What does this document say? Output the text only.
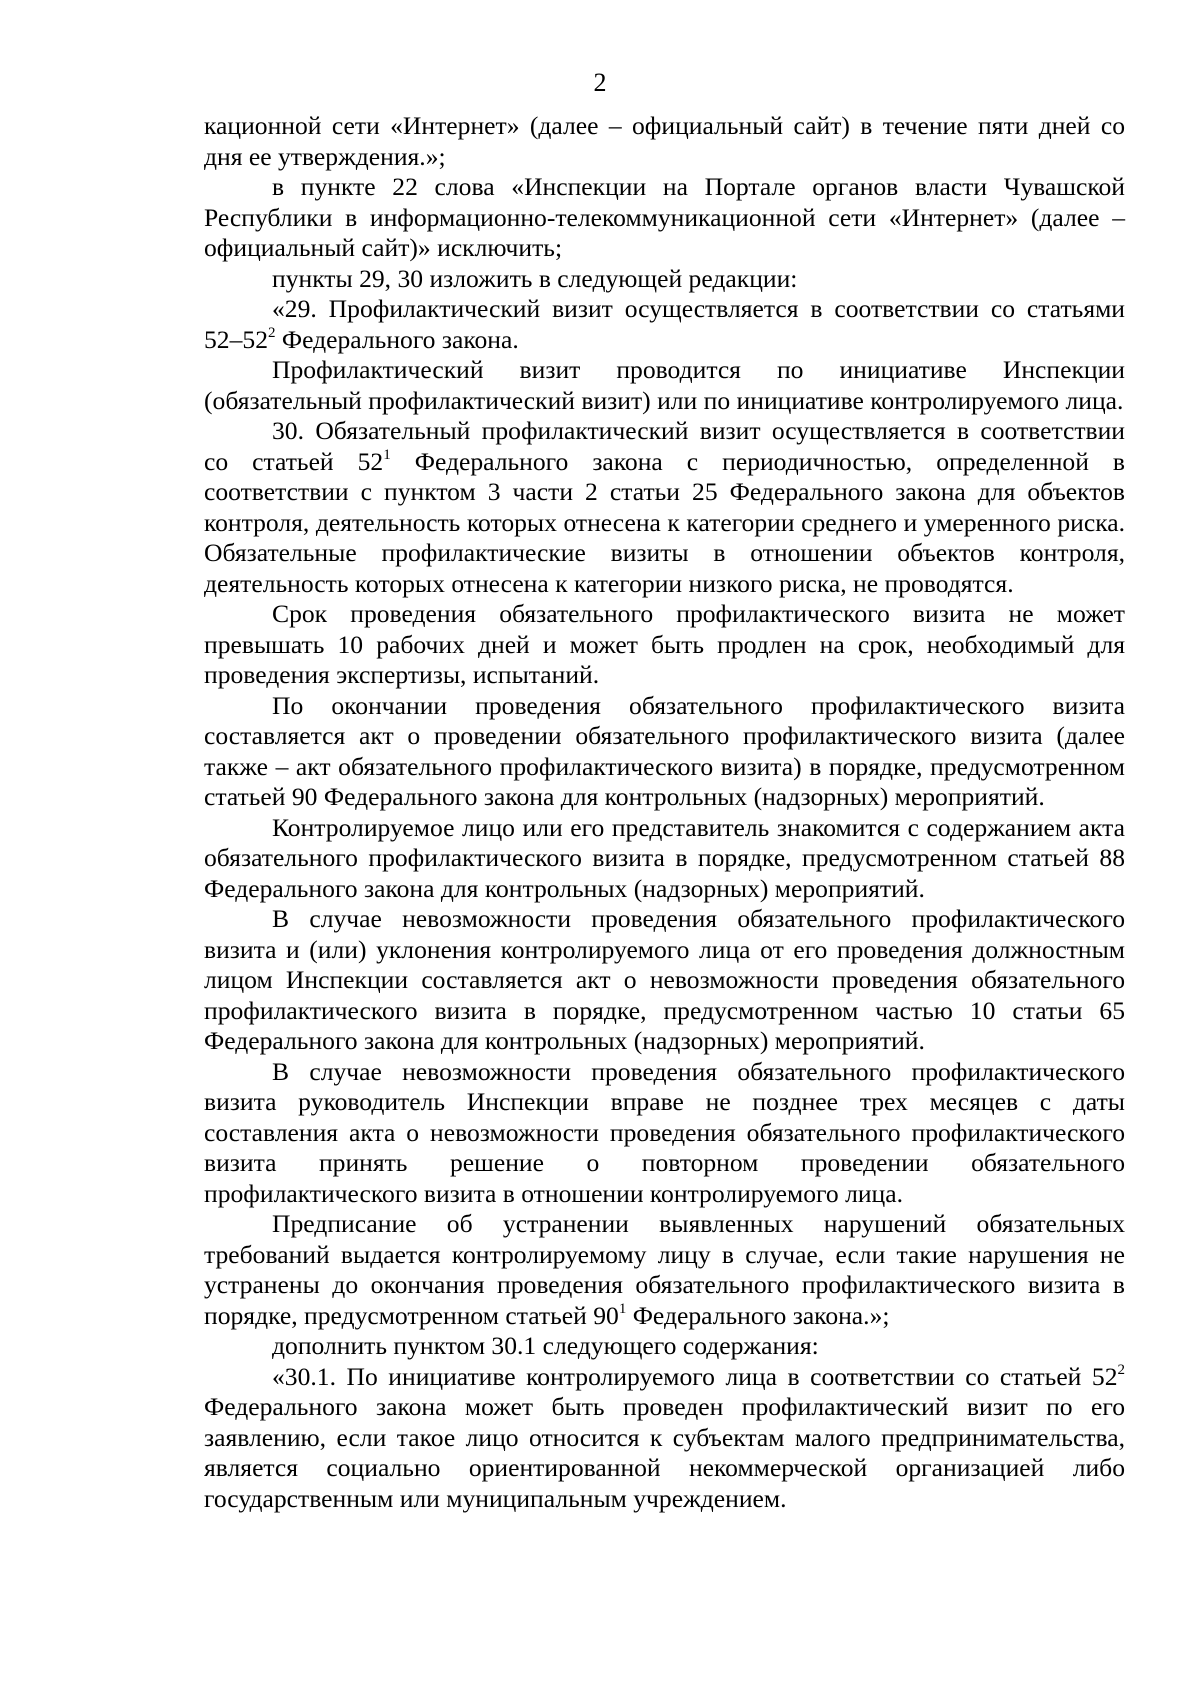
2

кационной сети «Интернет» (далее – официальный сайт) в течение пяти дней со дня ее утверждения.»;

в пункте 22 слова «Инспекции на Портале органов власти Чувашской Республики в информационно-телекоммуникационной сети «Интернет» (далее – официальный сайт)» исключить;

пункты 29, 30 изложить в следующей редакции:

«29. Профилактический визит осуществляется в соответствии со статьями $52-52^2$ Федерального закона.

Профилактический визит проводится по инициативе Инспекции (обязательный профилактический визит) или по инициативе контролируемого лица.

30. Обязательный профилактический визит осуществляется в соответствии со статьей $52^1$ Федерального закона с периодичностью, определенной в соответствии с пунктом 3 части 2 статьи 25 Федерального закона для объектов контроля, деятельность которых отнесена к категории среднего и умеренного риска. Обязательные профилактические визиты в отношении объектов контроля, деятельность которых отнесена к категории низкого риска, не проводятся.

Срок проведения обязательного профилактического визита не может превышать 10 рабочих дней и может быть продлен на срок, необходимый для проведения экспертизы, испытаний.

По окончании проведения обязательного профилактического визита составляется акт о проведении обязательного профилактического визита (далее также – акт обязательного профилактического визита) в порядке, предусмотренном статьей 90 Федерального закона для контрольных (надзорных) мероприятий.

Контролируемое лицо или его представитель знакомится с содержанием акта обязательного профилактического визита в порядке, предусмотренном статьей 88 Федерального закона для контрольных (надзорных) мероприятий.

В случае невозможности проведения обязательного профилактического визита и (или) уклонения контролируемого лица от его проведения должностным лицом Инспекции составляется акт о невозможности проведения обязательного профилактического визита в порядке, предусмотренном частью 10 статьи 65 Федерального закона для контрольных (надзорных) мероприятий.

В случае невозможности проведения обязательного профилактического визита руководитель Инспекции вправе не позднее трех месяцев с даты составления акта о невозможности проведения обязательного профилактического визита принять решение о повторном проведении обязательного профилактического визита в отношении контролируемого лица.

Предписание об устранении выявленных нарушений обязательных требований выдается контролируемому лицу в случае, если такие нарушения не устранены до окончания проведения обязательного профилактического визита в порядке, предусмотренном статьей $90^1$ Федерального закона.»;

дополнить пунктом 30.1 следующего содержания:

«30.1. По инициативе контролируемого лица в соответствии со статьей $52^2$ Федерального закона может быть проведен профилактический визит по его заявлению, если такое лицо относится к субъектам малого предпринимательства, является социально ориентированной некоммерческой организацией либо государственным или муниципальным учреждением.
